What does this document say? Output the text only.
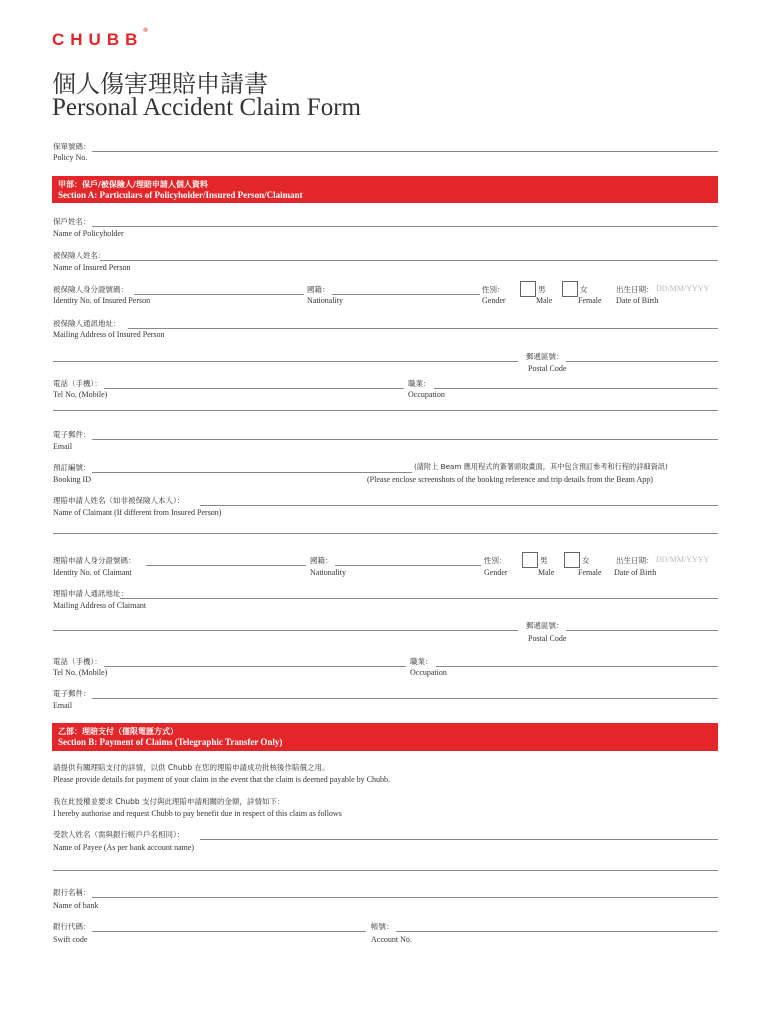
CHUBB®
個人傷害理賠申請書
Personal Accident Claim Form
保單號碼：
Policy No.
甲部：保戶/被保險人/理賠申請人個人資料
Section A: Particulars of Policyholder/Insured Person/Claimant
保戶姓名：
Name of Policyholder
被保險人姓名：
Name of Insured Person
被保險人身分證號碼：
Identity No. of Insured Person
國籍：
Nationality
性別：
Gender
男
Male
女
Female
出生日期： DD/MM/YYYY
Date of Birth
被保險人通訊地址：
Mailing Address of Insured Person
郵遞區號：
Postal Code
電話（手機）：
Tel No. (Mobile)
職業：
Occupation
電子郵件：
Email
預訂編號：
Booking ID
(請附上 Beam 應用程式的簽署頭取畫面，其中包含預訂參考和行程的詳細資訊)
(Please enclose screenshots of the booking reference and trip details from the Beam App)
理賠申請人姓名（如非被保險人本人）：
Name of Claimant (If different from Insured Person)
理賠申請人身分證號碼：
Identity No. of Claimant
國籍：
Nationality
性別：
Gender
男
Male
女
Female
出生日期： DD/MM/YYYY
Date of Birth
理賠申請人通訊地址：
Mailing Address of Claimant
郵遞區號：
Postal Code
電話（手機）：
Tel No. (Mobile)
職業：
Occupation
電子郵件：
Email
乙部：理賠支付（僅限電匯方式）
Section B: Payment of Claims (Telegraphic Transfer Only)
請提供有關理賠支付的詳情，以供 Chubb 在您的理賠申請成功批核後作賠償之用。
Please provide details for payment of your claim in the event that the claim is deemed payable by Chubb.
我在此授權並要求 Chubb 支付與此理賠申請相關的金額，詳情如下：
I hereby authorise and request Chubb to pay benefit due in respect of this claim as follows
受款人姓名（需與銀行帳戶戶名相同）：
Name of Payee (As per bank account name)
銀行名稱：
Name of bank
銀行代碼：
Swift code
帳號：
Account No.
